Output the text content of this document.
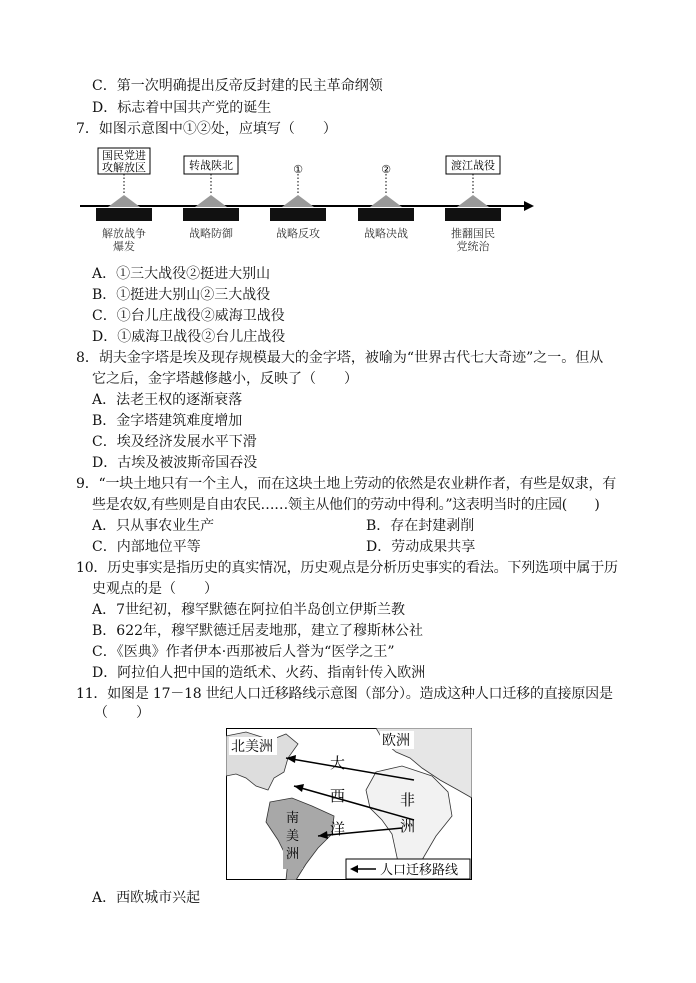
C．第一次明确提出反帝反封建的民主革命纲领
D．标志着中国共产党的诞生
7．如图示意图中①②处，应填写（　　）
国民党进攻解放区
解放战争爆发
转战陕北
战略防御
①
战略反攻
②
战略决战
渡江战役
推翻国民党统治
A．①三大战役②挺进大别山
B．①挺进大别山②三大战役
C．①台儿庄战役②威海卫战役
D．①威海卫战役②台儿庄战役
8．胡夫金字塔是埃及现存规模最大的金字塔，被喻为“世界古代七大奇迹”之一。但从
它之后，金字塔越修越小，反映了（　　）
A．法老王权的逐渐衰落
B．金字塔建筑难度增加
C．埃及经济发展水平下滑
D．古埃及被波斯帝国吞没
9．“一块土地只有一个主人，而在这块土地上劳动的依然是农业耕作者，有些是奴隶，有
些是农奴,有些则是自由农民……领主从他们的劳动中得利。”这表明当时的庄园(　　)
A．只从事农业生产	B．存在封建剥削
C．内部地位平等	D．劳动成果共享
10．历史事实是指历史的真实情况，历史观点是分析历史事实的看法。下列选项中属于历
史观点的是（　　）
A．7世纪初，穆罕默德在阿拉伯半岛创立伊斯兰教
B．622年，穆罕默德迁居麦地那，建立了穆斯林公社
C．《医典》作者伊本·西那被后人誉为“医学之王”
D．阿拉伯人把中国的造纸术、火药、指南针传入欧洲
11．如图是 17－18 世纪人口迁移路线示意图（部分）。造成这种人口迁移的直接原因是
（　　）
北美洲	欧洲
大
西
洋
非
洲
南
美
洲
人口迁移路线
A．西欧城市兴起
